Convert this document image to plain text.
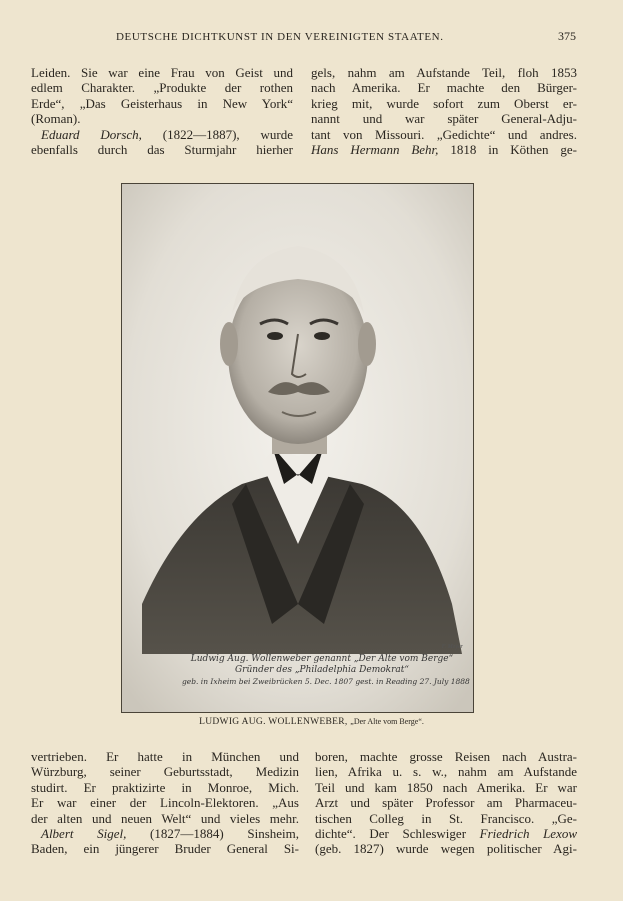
DEUTSCHE DICHTKUNST IN DEN VEREINIGTEN STAATEN.	375
Leiden. Sie war eine Frau von Geist und
edlem Charakter. „Produkte der rothen
Erde“, „Das Geisterhaus in New York“
(Roman).
Eduard Dorsch, (1822—1887), wurde
ebenfalls durch das Sturmjahr hierher
gels, nahm am Aufstande Teil, floh 1853
nach Amerika. Er machte den Bürger-
krieg mit, wurde sofort zum Oberst er-
nannt und war später General-Adju-
tant von Missouri. „Gedichte“ und andres.
Hans Hermann Behr, 1818 in Köthen ge-
F. Meyer
Ludwig Aug. Wollenweber genannt „Der Alte vom Berge“
Gründer des „Philadelphia Demokrat“
geb. in Ixheim bei Zweibrücken 5. Dec. 1807 gest. in Reading 27. July 1888
LUDWIG AUG. WOLLENWEBER, „Der Alte vom Berge“.
vertrieben. Er hatte in München und
Würzburg, seiner Geburtsstadt, Medizin
studirt. Er praktizirte in Monroe, Mich.
Er war einer der Lincoln-Elektoren. „Aus
der alten und neuen Welt“ und vieles mehr.
Albert Sigel, (1827—1884) Sinsheim,
Baden, ein jüngerer Bruder General Si-
boren, machte grosse Reisen nach Austra-
lien, Afrika u. s. w., nahm am Aufstande
Teil und kam 1850 nach Amerika. Er war
Arzt und später Professor am Pharmaceu-
tischen Colleg in St. Francisco. „Ge-
dichte“. Der Schleswiger Friedrich Lexow
(geb. 1827) wurde wegen politischer Agi-
